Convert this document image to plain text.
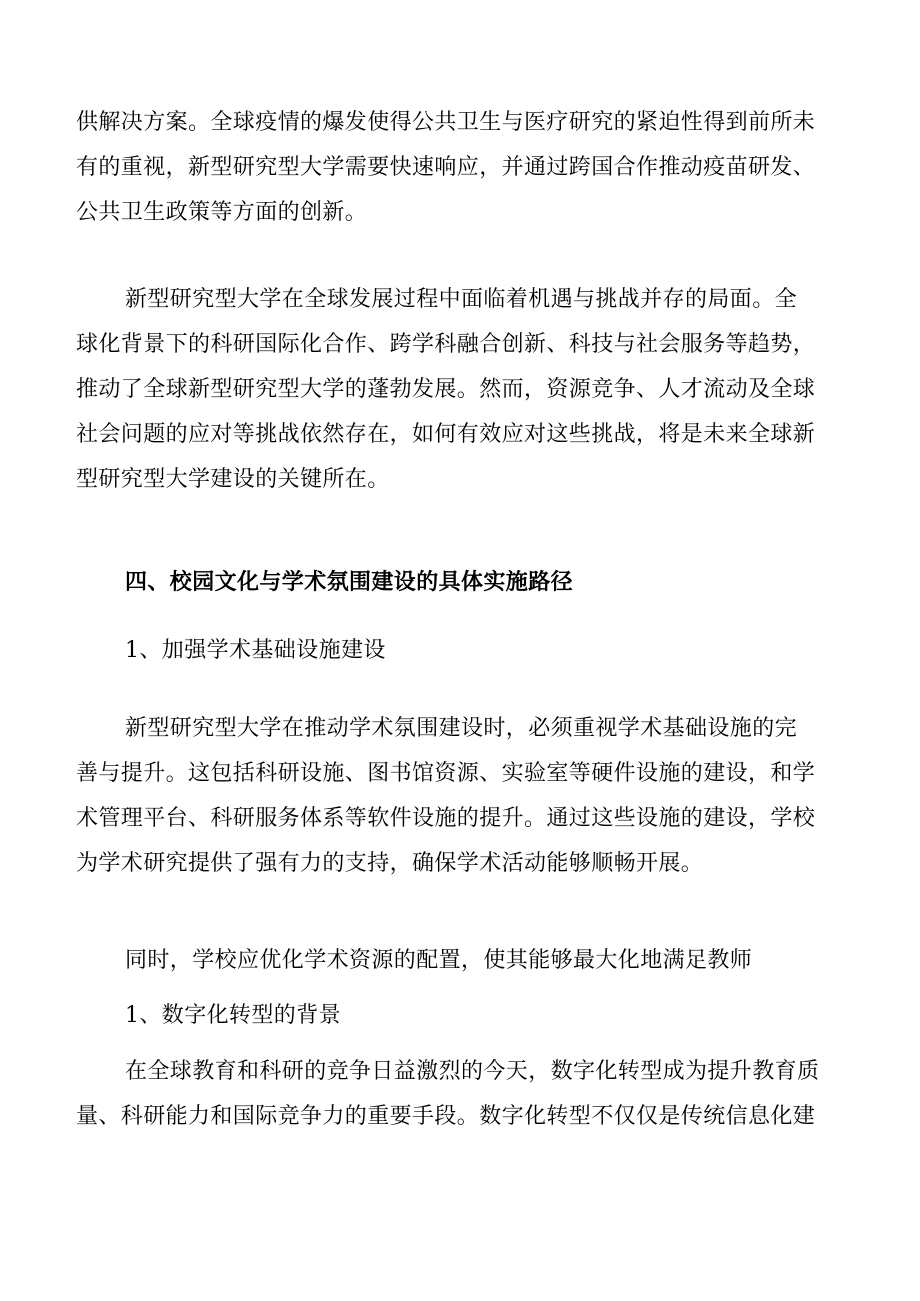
供解决方案。全球疫情的爆发使得公共卫生与医疗研究的紧迫性得到前所未
有的重视，新型研究型大学需要快速响应，并通过跨国合作推动疫苗研发、
公共卫生政策等方面的创新。
新型研究型大学在全球发展过程中面临着机遇与挑战并存的局面。全
球化背景下的科研国际化合作、跨学科融合创新、科技与社会服务等趋势，
推动了全球新型研究型大学的蓬勃发展。然而，资源竞争、人才流动及全球
社会问题的应对等挑战依然存在，如何有效应对这些挑战，将是未来全球新
型研究型大学建设的关键所在。
四、校园文化与学术氛围建设的具体实施路径
1、加强学术基础设施建设
新型研究型大学在推动学术氛围建设时，必须重视学术基础设施的完
善与提升。这包括科研设施、图书馆资源、实验室等硬件设施的建设，和学
术管理平台、科研服务体系等软件设施的提升。通过这些设施的建设，学校
为学术研究提供了强有力的支持，确保学术活动能够顺畅开展。
同时，学校应优化学术资源的配置，使其能够最大化地满足教师
1、数字化转型的背景
在全球教育和科研的竞争日益激烈的今天，数字化转型成为提升教育质
量、科研能力和国际竞争力的重要手段。数字化转型不仅仅是传统信息化建
